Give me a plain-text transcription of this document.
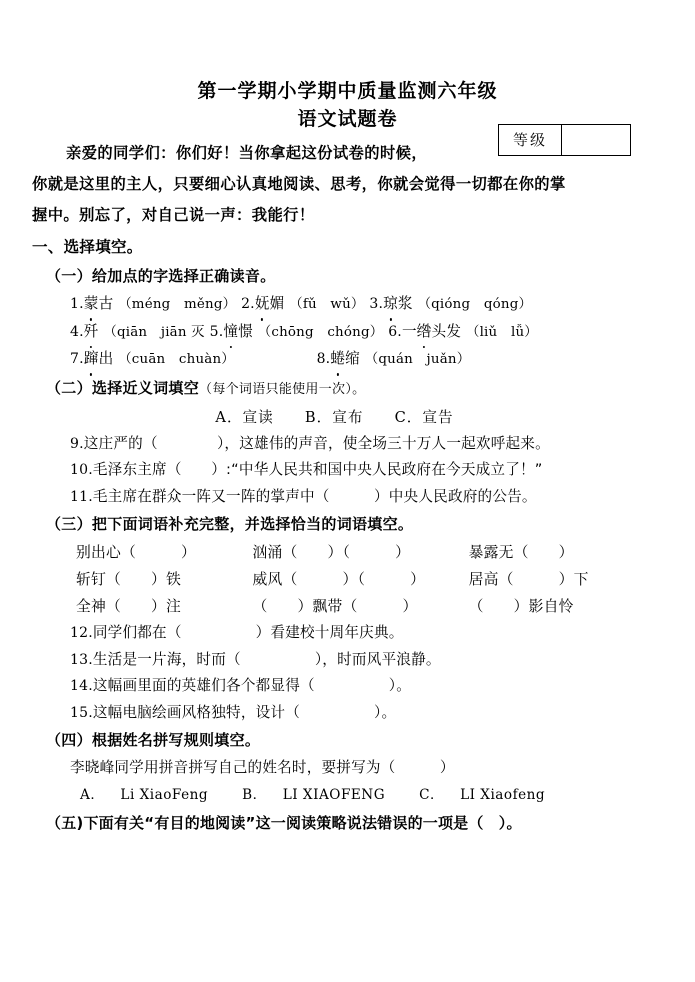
第一学期小学期中质量监测六年级
语文试题卷
等级
亲爱的同学们：你们好！当你拿起这份试卷的时候，
你就是这里的主人，只要细心认真地阅读、思考，你就会觉得一切都在你的掌
握中。别忘了，对自己说一声：我能行！
一、选择填空。
（一）给加点的字选择正确读音。
1.蒙古 （méng　měng） 2.妩媚 （fǔ　wǔ） 3.琼浆 （qióng　qóng）
4.歼 （qiān　jiān 灭 5.憧憬 （chōng　chóng） 6.一绺头发 （liǔ　lǚ）
7.蹿出 （cuān　chuàn）	8.蜷缩 （quán　juǎn）
（二）选择近义词填空（每个词语只能使用一次）。
A．宣读　　B．宣布　　C．宣告
9.这庄严的（　　　　	），这雄伟的声音，使全场三十万人一起欢呼起来。
10.毛泽东主席（　　 ）:“中华人民共和国中央人民政府在今天成立了！”
11.毛主席在群众一阵又一阵的掌声中（　　　	）中央人民政府的公告。
（三）把下面词语补充完整，并选择恰当的词语填空。
别出心（　　　）	汹涌（　　）（　　　）	暴露无（　　）
斩钉（　　）铁	威风（　　　）（　　　）	居高（　　　）下
全神（　　）注	（　　）飘带（　　　）	（　　）影自怜
12.同学们都在（　　　　　	）看建校十周年庆典。
13.生活是一片海，时而（　　　　　	），时而风平浪静。
14.这幅画里面的英雄们各个都显得（　　　　　	）。
15.这幅电脑绘画风格独特，设计（　　　　　	）。
（四）根据姓名拼写规则填空。
李晓峰同学用拼音拼写自己的姓名时，要拼写为（　　　）
A． Li XiaoFeng	B． LI XIAOFENG	C． LI Xiaofeng
（五)下面有关“有目的地阅读”这一阅读策略说法错误的一项是（　）。
